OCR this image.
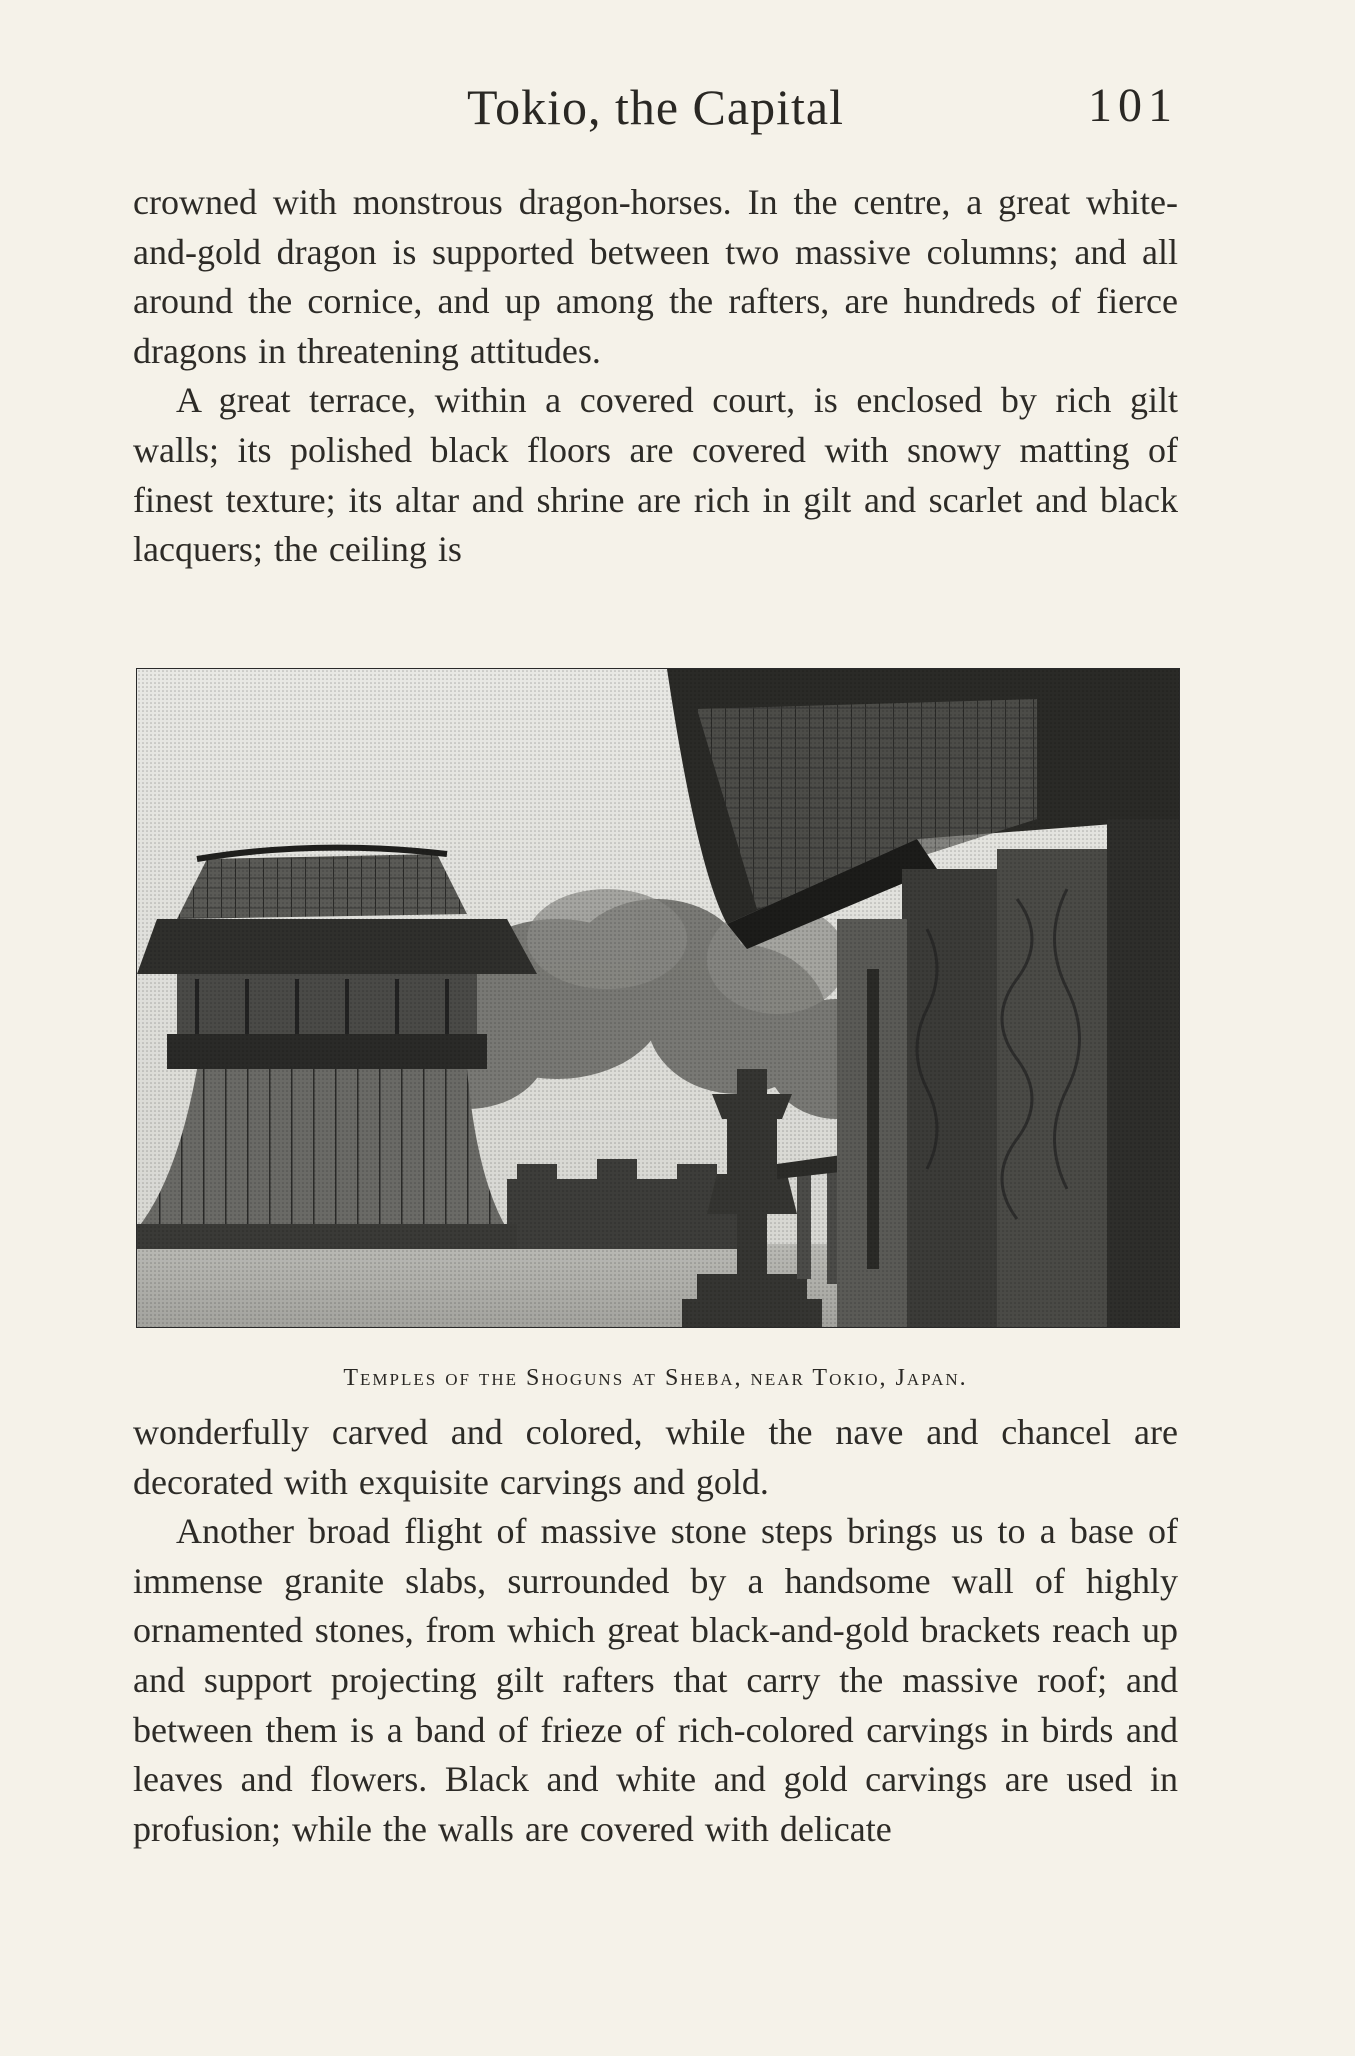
Tokio, the Capital	101

crowned with monstrous dragon-horses. In the centre, a great white-and-gold dragon is supported between two massive columns; and all around the cornice, and up among the rafters, are hundreds of fierce dragons in threatening attitudes.

A great terrace, within a covered court, is enclosed by rich gilt walls; its polished black floors are covered with snowy matting of finest texture; its altar and shrine are rich in gilt and scarlet and black lacquers; the ceiling is

Temples of the Shoguns at Sheba, near Tokio, Japan.

wonderfully carved and colored, while the nave and chancel are decorated with exquisite carvings and gold.

Another broad flight of massive stone steps brings us to a base of immense granite slabs, surrounded by a handsome wall of highly ornamented stones, from which great black-and-gold brackets reach up and support projecting gilt rafters that carry the massive roof; and between them is a band of frieze of rich-colored carvings in birds and leaves and flowers. Black and white and gold carvings are used in profusion; while the walls are covered with delicate
